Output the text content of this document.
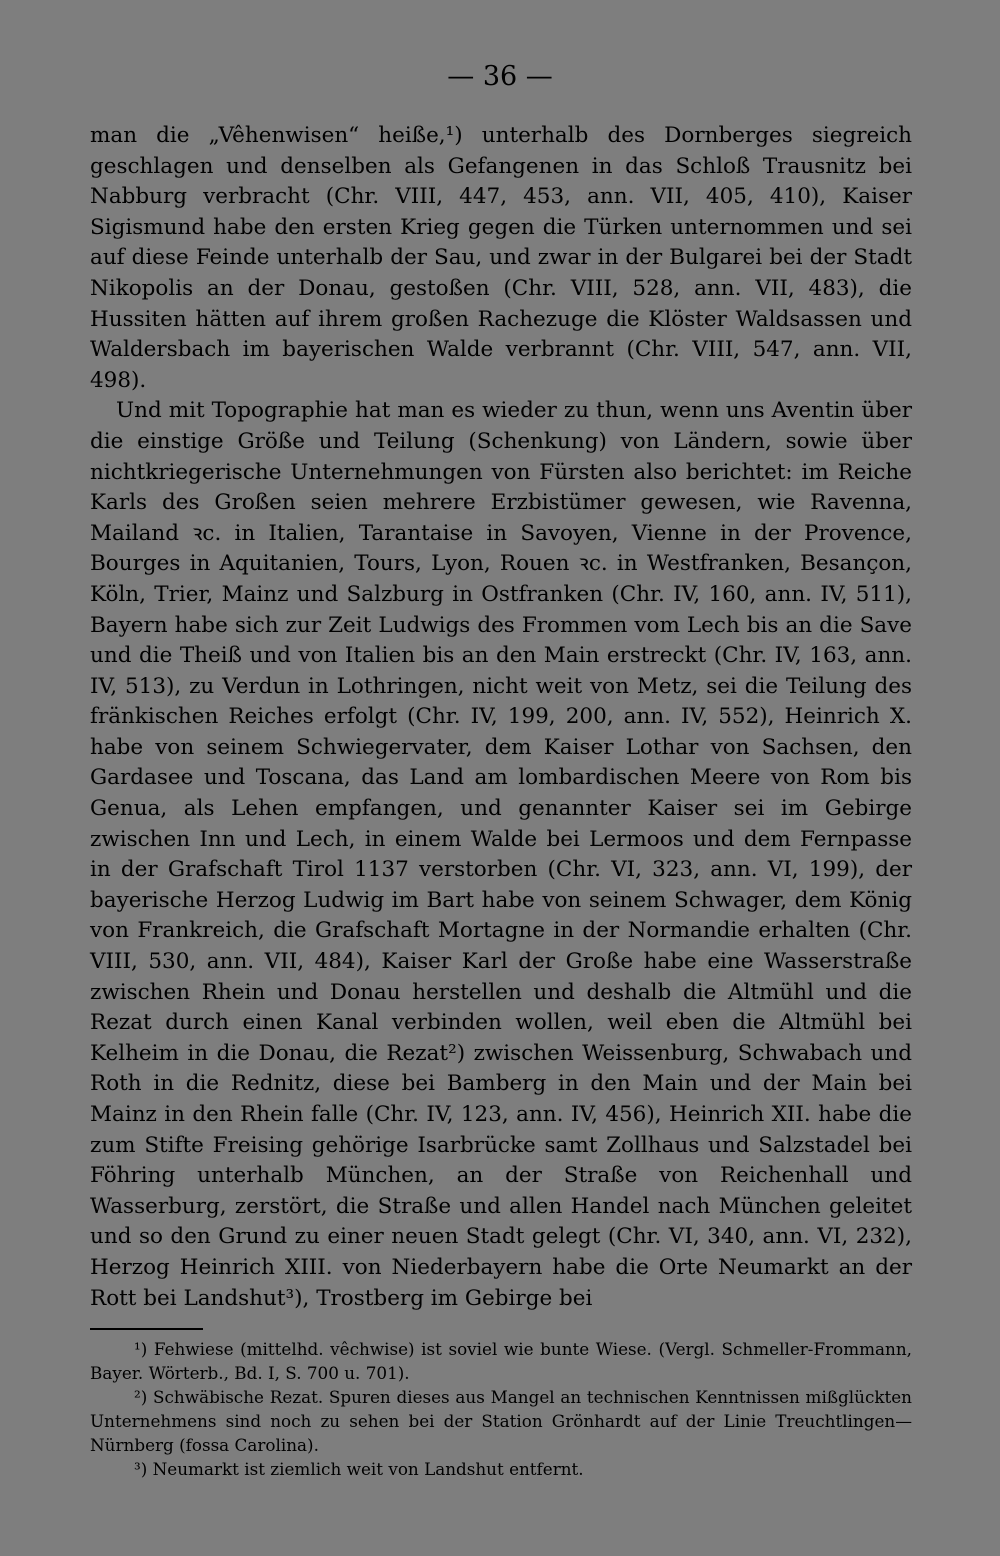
— 36 —

man die „Vêhenwisen“ heiße,¹) unterhalb des Dornberges siegreich geschlagen und denselben als Gefangenen in das Schloß Trausnitz bei Nabburg verbracht (Chr. VIII, 447, 453, ann. VII, 405, 410), Kaiser Sigismund habe den ersten Krieg gegen die Türken unternommen und sei auf diese Feinde unterhalb der Sau, und zwar in der Bulgarei bei der Stadt Nikopolis an der Donau, gestoßen (Chr. VIII, 528, ann. VII, 483), die Hussiten hätten auf ihrem großen Rachezuge die Klöster Waldsassen und Waldersbach im bayerischen Walde verbrannt (Chr. VIII, 547, ann. VII, 498).

Und mit Topographie hat man es wieder zu thun, wenn uns Aventin über die einstige Größe und Teilung (Schenkung) von Ländern, sowie über nichtkriegerische Unternehmungen von Fürsten also berichtet: im Reiche Karls des Großen seien mehrere Erzbistümer gewesen, wie Ravenna, Mailand ꝛc. in Italien, Tarantaise in Savoyen, Vienne in der Provence, Bourges in Aquitanien, Tours, Lyon, Rouen ꝛc. in Westfranken, Besançon, Köln, Trier, Mainz und Salzburg in Ostfranken (Chr. IV, 160, ann. IV, 511), Bayern habe sich zur Zeit Ludwigs des Frommen vom Lech bis an die Save und die Theiß und von Italien bis an den Main erstreckt (Chr. IV, 163, ann. IV, 513), zu Verdun in Lothringen, nicht weit von Metz, sei die Teilung des fränkischen Reiches erfolgt (Chr. IV, 199, 200, ann. IV, 552), Heinrich X. habe von seinem Schwiegervater, dem Kaiser Lothar von Sachsen, den Gardasee und Toscana, das Land am lombardischen Meere von Rom bis Genua, als Lehen empfangen, und genannter Kaiser sei im Gebirge zwischen Inn und Lech, in einem Walde bei Lermoos und dem Fernpasse in der Grafschaft Tirol 1137 verstorben (Chr. VI, 323, ann. VI, 199), der bayerische Herzog Ludwig im Bart habe von seinem Schwager, dem König von Frankreich, die Grafschaft Mortagne in der Normandie erhalten (Chr. VIII, 530, ann. VII, 484), Kaiser Karl der Große habe eine Wasserstraße zwischen Rhein und Donau herstellen und deshalb die Altmühl und die Rezat durch einen Kanal verbinden wollen, weil eben die Altmühl bei Kelheim in die Donau, die Rezat²) zwischen Weissenburg, Schwabach und Roth in die Rednitz, diese bei Bamberg in den Main und der Main bei Mainz in den Rhein falle (Chr. IV, 123, ann. IV, 456), Heinrich XII. habe die zum Stifte Freising gehörige Isarbrücke samt Zollhaus und Salzstadel bei Föhring unterhalb München, an der Straße von Reichenhall und Wasserburg, zerstört, die Straße und allen Handel nach München geleitet und so den Grund zu einer neuen Stadt gelegt (Chr. VI, 340, ann. VI, 232), Herzog Heinrich XIII. von Niederbayern habe die Orte Neumarkt an der Rott bei Landshut³), Trostberg im Gebirge bei

¹) Fehwiese (mittelhd. vêchwise) ist soviel wie bunte Wiese. (Vergl. Schmeller-Frommann, Bayer. Wörterb., Bd. I, S. 700 u. 701).

²) Schwäbische Rezat. Spuren dieses aus Mangel an technischen Kenntnissen mißglückten Unternehmens sind noch zu sehen bei der Station Grönhardt auf der Linie Treuchtlingen—Nürnberg (fossa Carolina).

³) Neumarkt ist ziemlich weit von Landshut entfernt.
